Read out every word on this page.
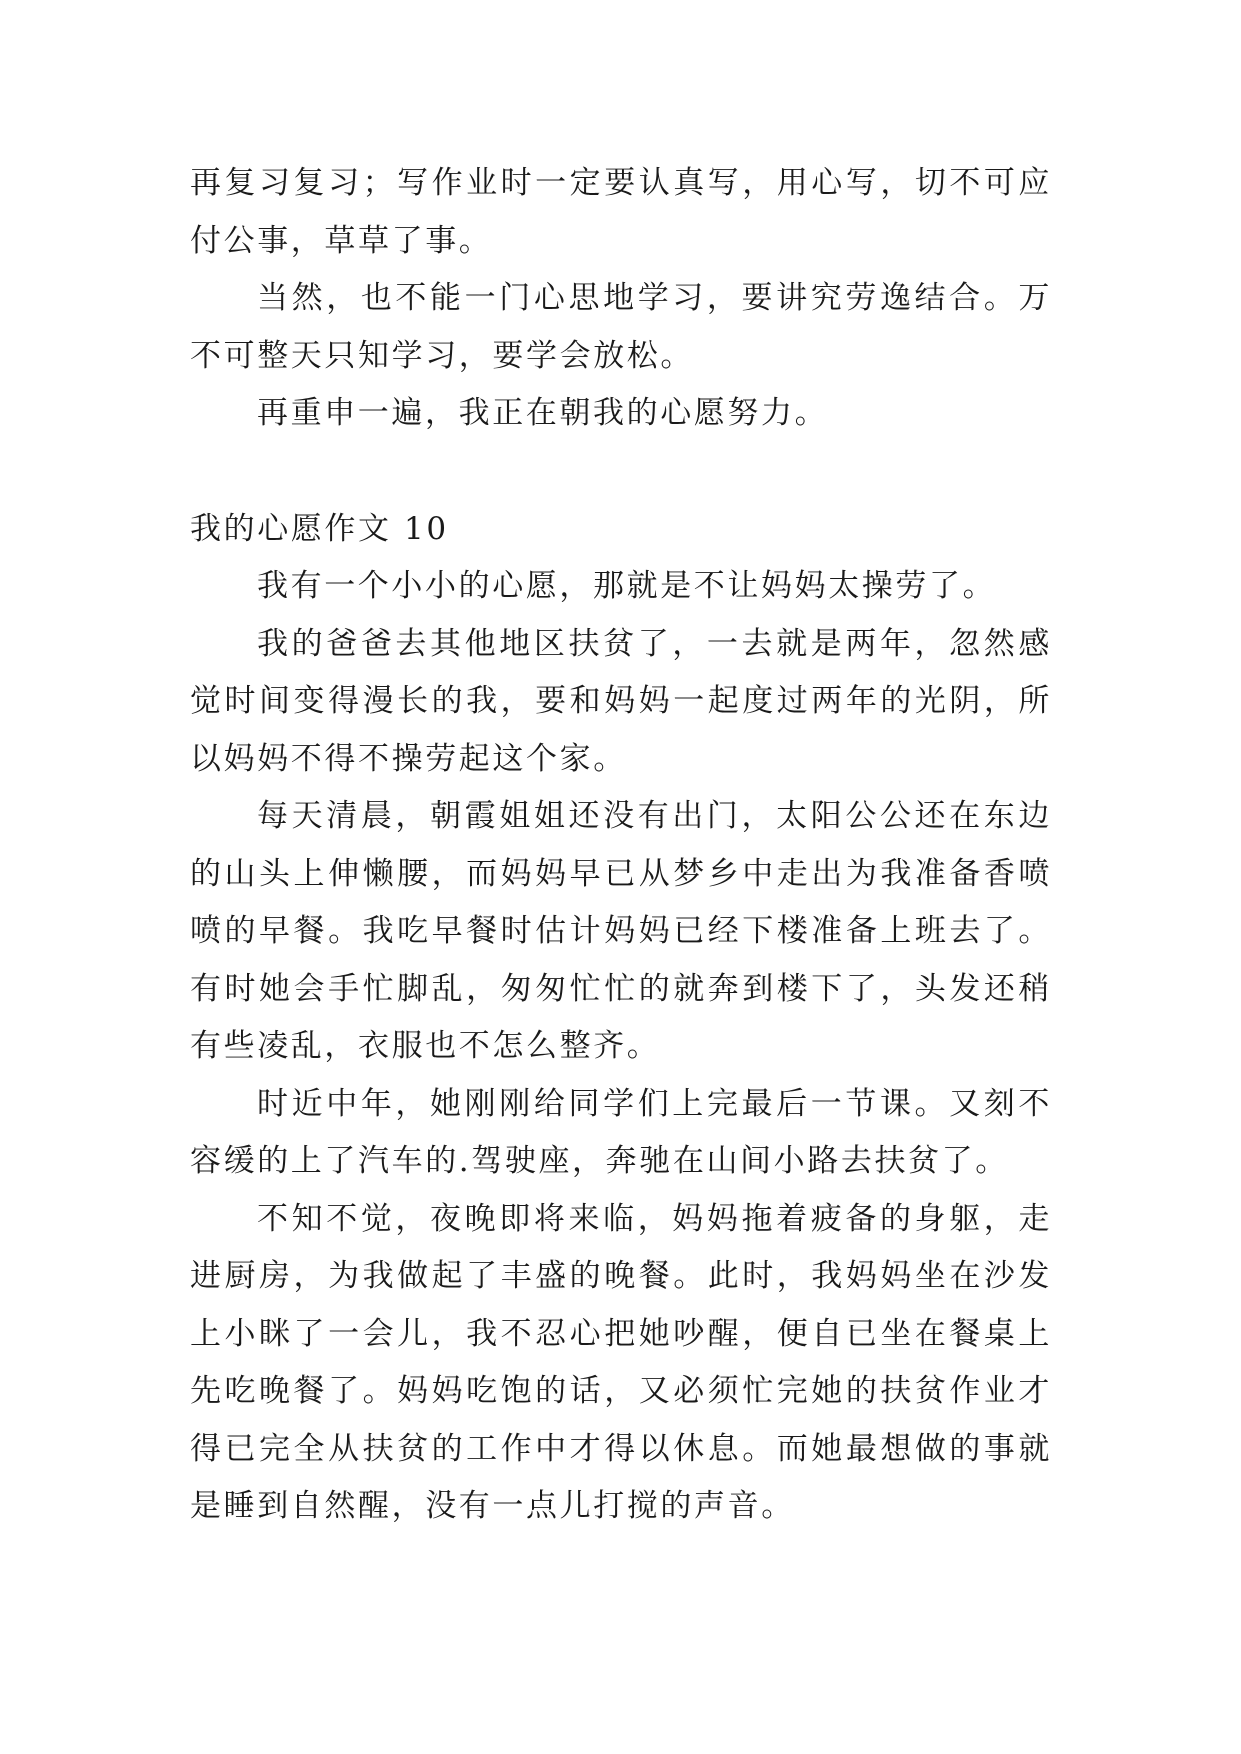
再复习复习；写作业时一定要认真写，用心写，切不可应付公事，草草了事。

当然，也不能一门心思地学习，要讲究劳逸结合。万不可整天只知学习，要学会放松。

再重申一遍，我正在朝我的心愿努力。

我的心愿作文 10

我有一个小小的心愿，那就是不让妈妈太操劳了。

我的爸爸去其他地区扶贫了，一去就是两年，忽然感觉时间变得漫长的我，要和妈妈一起度过两年的光阴，所以妈妈不得不操劳起这个家。

每天清晨，朝霞姐姐还没有出门，太阳公公还在东边的山头上伸懒腰，而妈妈早已从梦乡中走出为我准备香喷喷的早餐。我吃早餐时估计妈妈已经下楼准备上班去了。有时她会手忙脚乱，匆匆忙忙的就奔到楼下了，头发还稍有些凌乱，衣服也不怎么整齐。

时近中年，她刚刚给同学们上完最后一节课。又刻不容缓的上了汽车的.驾驶座，奔驰在山间小路去扶贫了。

不知不觉，夜晚即将来临，妈妈拖着疲备的身躯，走进厨房，为我做起了丰盛的晚餐。此时，我妈妈坐在沙发上小眯了一会儿，我不忍心把她吵醒，便自已坐在餐桌上先吃晚餐了。妈妈吃饱的话，又必须忙完她的扶贫作业才得已完全从扶贫的工作中才得以休息。而她最想做的事就是睡到自然醒，没有一点儿打搅的声音。
